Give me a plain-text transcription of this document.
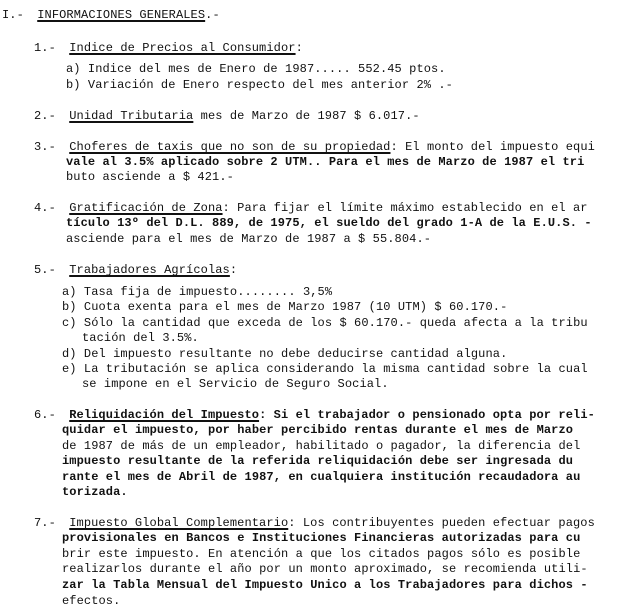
I.- INFORMACIONES GENERALES.-
1.- Indice de Precios al Consumidor:
a) Indice del mes de Enero de 1987..... 552.45 ptos.
b) Variación de Enero respecto del mes anterior 2% .-
2.- Unidad Tributaria mes de Marzo de 1987 $ 6.017.-
3.- Choferes de taxis que no son de su propiedad: El monto del impuesto equi
vale al 3.5% aplicado sobre 2 UTM.. Para el mes de Marzo de 1987 el tri
buto asciende a $ 421.-
4.- Gratificación de Zona: Para fijar el límite máximo establecido en el ar
tículo 13º del D.L. 889, de 1975, el sueldo del grado 1-A de la E.U.S. -
asciende para el mes de Marzo de 1987 a $ 55.804.-
5.- Trabajadores Agrícolas:
a) Tasa fija de impuesto........ 3,5%
b) Cuota exenta para el mes de Marzo 1987 (10 UTM) $ 60.170.-
c) Sólo la cantidad que exceda de los $ 60.170.- queda afecta a la tribu
tación del 3.5%.
d) Del impuesto resultante no debe deducirse cantidad alguna.
e) La tributación se aplica considerando la misma cantidad sobre la cual
se impone en el Servicio de Seguro Social.
6.- Reliquidación del Impuesto: Si el trabajador o pensionado opta por reli-
quidar el impuesto, por haber percibido rentas durante el mes de Marzo
de 1987 de más de un empleador, habilitado o pagador, la diferencia del
impuesto resultante de la referida reliquidación debe ser ingresada du
rante el mes de Abril de 1987, en cualquiera institución recaudadora au
torizada.
7.- Impuesto Global Complementario: Los contribuyentes pueden efectuar pagos
provisionales en Bancos e Instituciones Financieras autorizadas para cu
brir este impuesto. En atención a que los citados pagos sólo es posible
realizarlos durante el año por un monto aproximado, se recomienda utili-
zar la Tabla Mensual del Impuesto Unico a los Trabajadores para dichos -
efectos.
